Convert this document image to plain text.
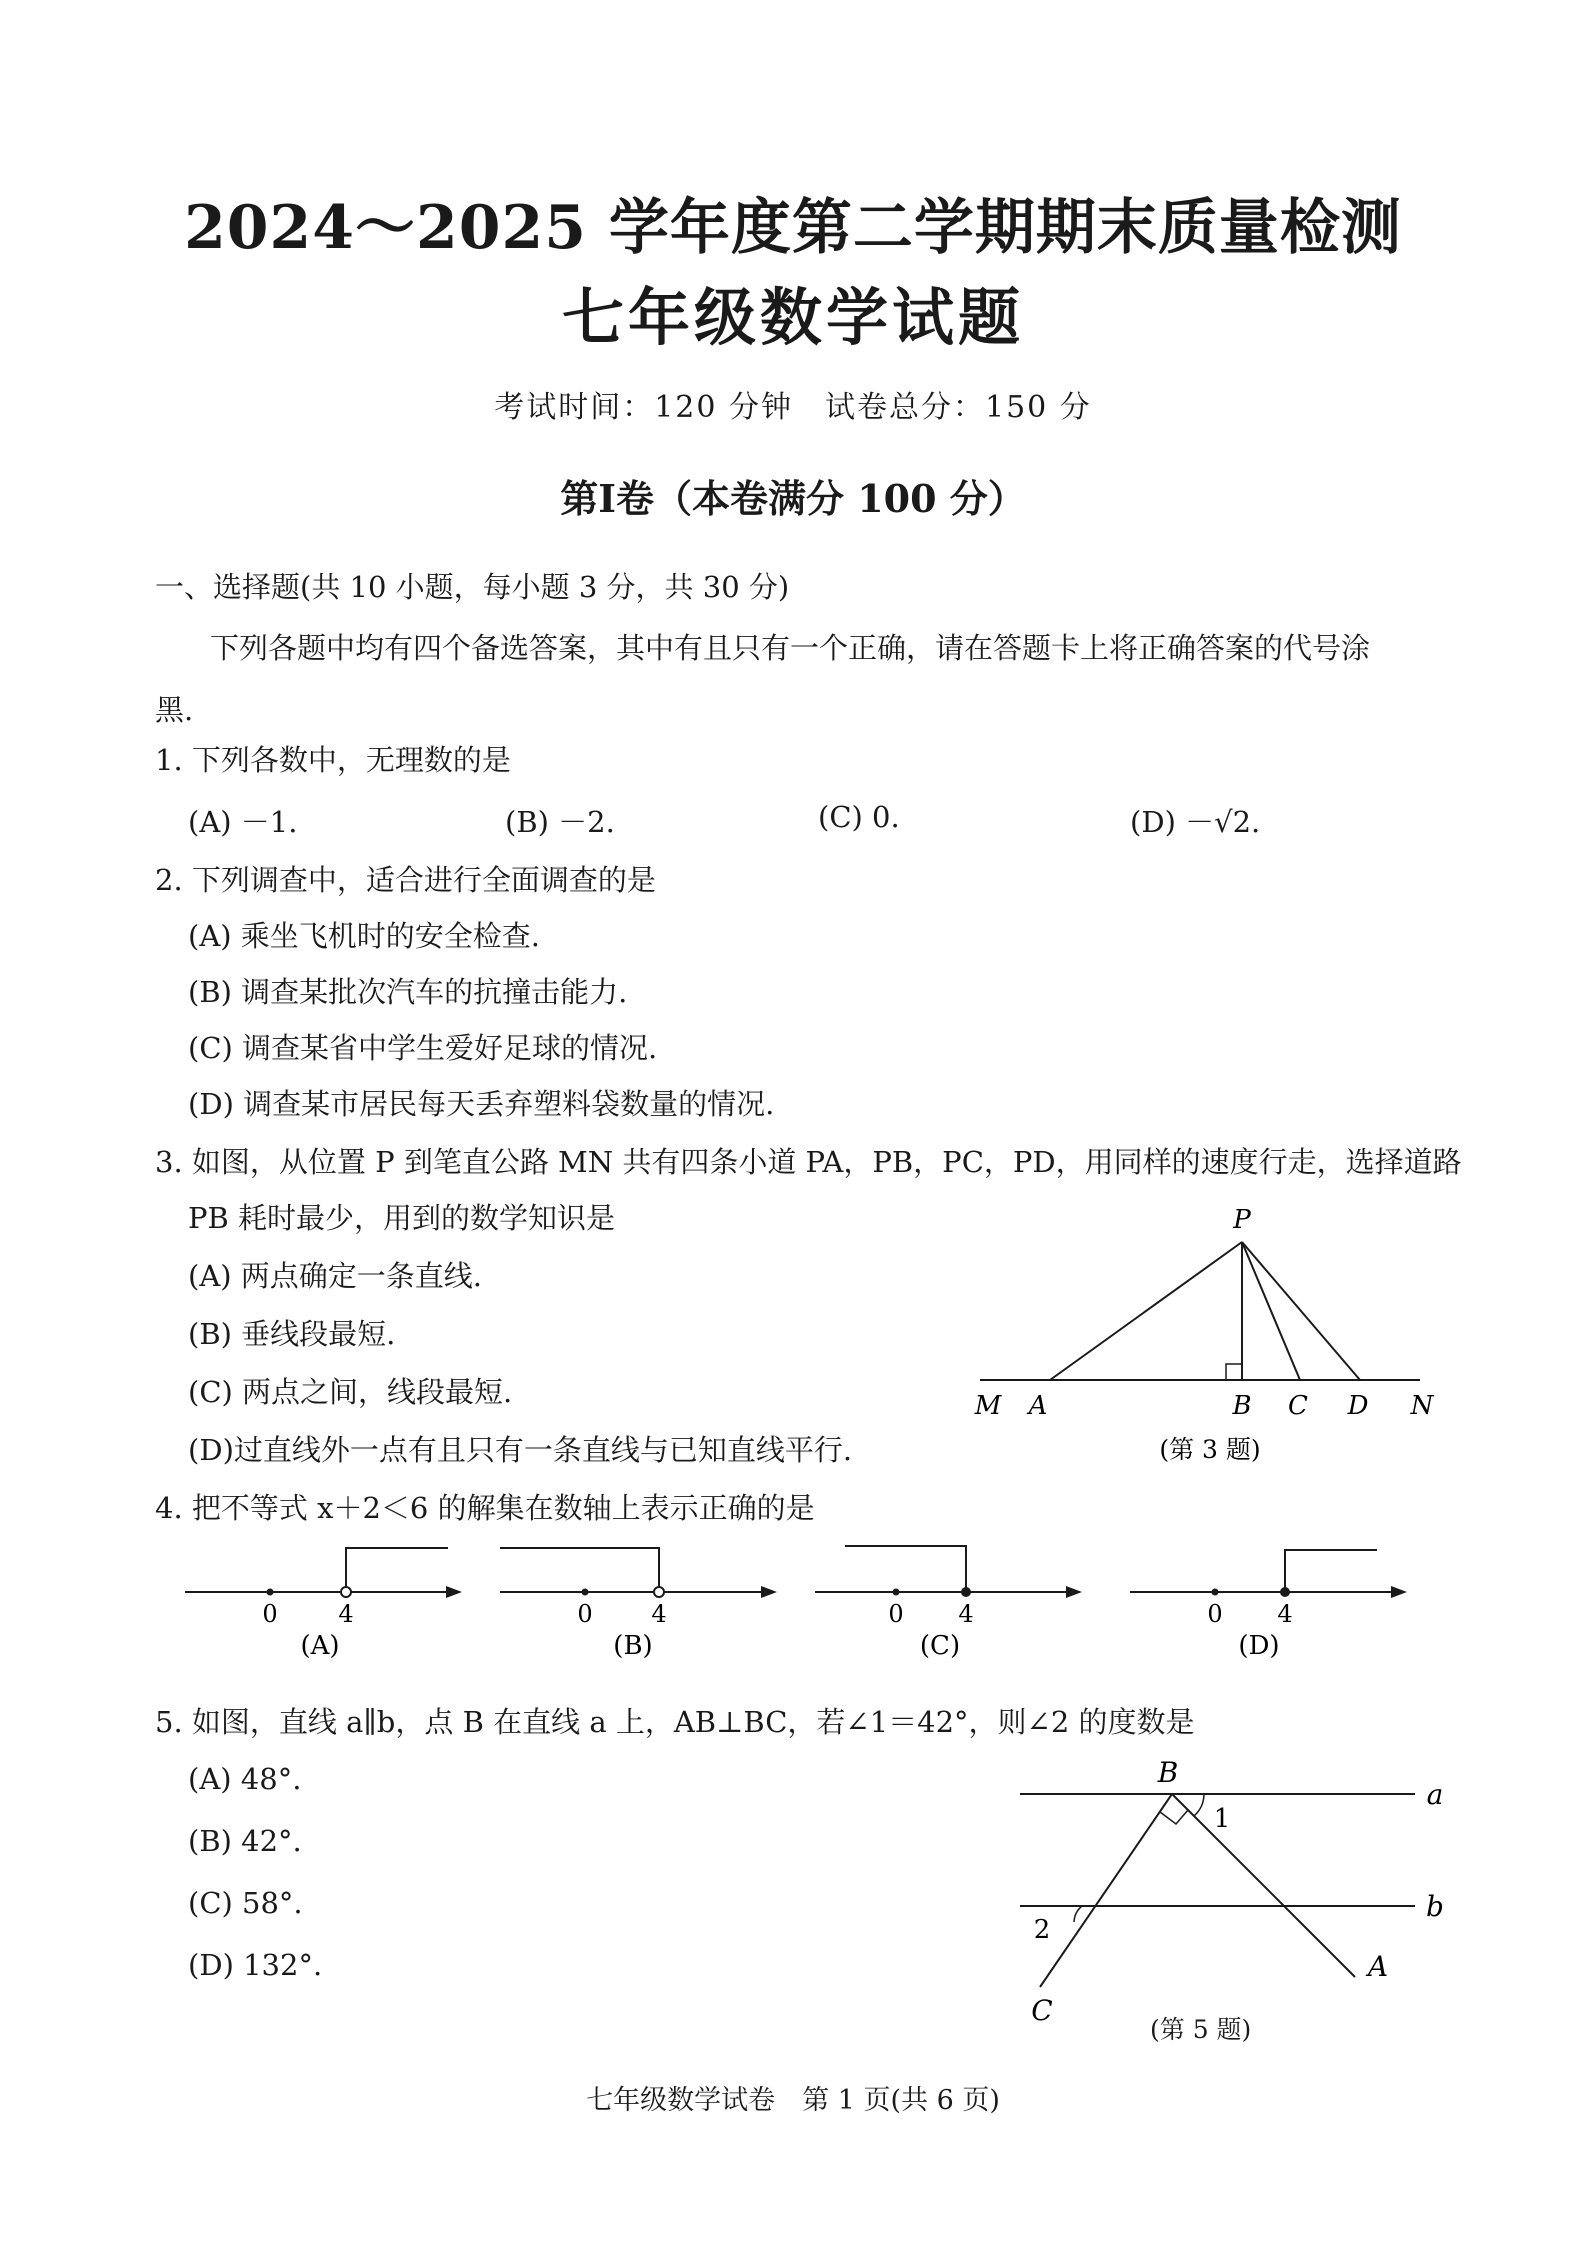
2024～2025 学年度第二学期期末质量检测
七年级数学试题
考试时间：120 分钟　试卷总分：150 分
第Ⅰ卷（本卷满分 100 分）
一、选择题(共 10 小题，每小题 3 分，共 30 分)
下列各题中均有四个备选答案，其中有且只有一个正确，请在答题卡上将正确答案的代号涂
黑.
1. 下列各数中，无理数的是
(A) －1.	(B) －2.	(C) 0.	(D) －√2.
2. 下列调查中，适合进行全面调查的是
(A) 乘坐飞机时的安全检查.
(B) 调查某批次汽车的抗撞击能力.
(C) 调查某省中学生爱好足球的情况.
(D) 调查某市居民每天丢弃塑料袋数量的情况.
3. 如图，从位置 P 到笔直公路 MN 共有四条小道 PA，PB，PC，PD，用同样的速度行走，选择道路
PB 耗时最少，用到的数学知识是
(A) 两点确定一条直线.
(B) 垂线段最短.
(C) 两点之间，线段最短.
(D)过直线外一点有且只有一条直线与已知直线平行.
P
M A	B C D N
(第 3 题)
4. 把不等式 x＋2＜6 的解集在数轴上表示正确的是
0	4
(A)
0 4
(B)
0 4
(C)
0 4
(D)
5. 如图，直线 a∥b，点 B 在直线 a 上，AB⊥BC，若∠1＝42°，则∠2 的度数是
(A) 48°.
(B) 42°.
(C) 58°.
(D) 132°.
B
a
b
1
2
A
C
(第 5 题)
七年级数学试卷　第 1 页(共 6 页)
